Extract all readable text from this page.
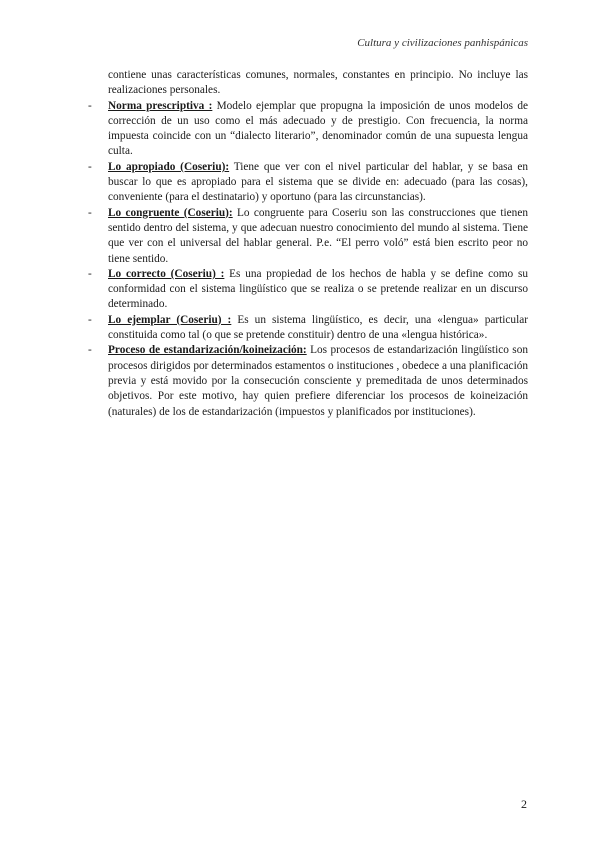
Cultura y civilizaciones panhispánicas

contiene unas características comunes, normales, constantes en principio. No incluye las realizaciones personales.

- Norma prescriptiva : Modelo ejemplar que propugna la imposición de unos modelos de corrección de un uso como el más adecuado y de prestigio. Con frecuencia, la norma impuesta coincide con un “dialecto literario”, denominador común de una supuesta lengua culta.
- Lo apropiado (Coseriu): Tiene que ver con el nivel particular del hablar, y se basa en buscar lo que es apropiado para el sistema que se divide en: adecuado (para las cosas), conveniente (para el destinatario) y oportuno (para las circunstancias).
- Lo congruente (Coseriu): Lo congruente para Coseriu son las construcciones que tienen sentido dentro del sistema, y que adecuan nuestro conocimiento del mundo al sistema. Tiene que ver con el universal del hablar general. P.e. “El perro voló” está bien escrito peor no tiene sentido.
- Lo correcto (Coseriu) : Es una propiedad de los hechos de habla y se define como su conformidad con el sistema lingüístico que se realiza o se pretende realizar en un discurso determinado.
- Lo ejemplar (Coseriu) : Es un sistema lingüístico, es decir, una «lengua» particular constituida como tal (o que se pretende constituir) dentro de una «lengua histórica».
- Proceso de estandarización/koineización: Los procesos de estandarización lingüístico son procesos dirigidos por determinados estamentos o instituciones , obedece a una planificación previa y está movido por la consecución consciente y premeditada de unos determinados objetivos. Por este motivo, hay quien prefiere diferenciar los procesos de koineización (naturales) de los de estandarización (impuestos y planificados por instituciones).
2
